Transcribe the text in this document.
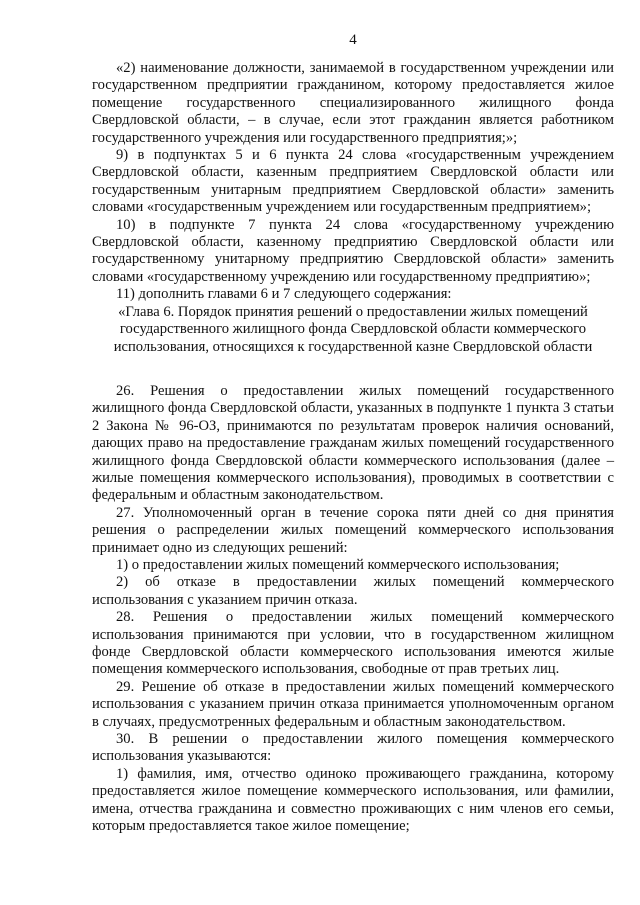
4

«2) наименование должности, занимаемой в государственном учреждении или государственном предприятии гражданином, которому предоставляется жилое помещение государственного специализированного жилищного фонда Свердловской области, – в случае, если этот гражданин является работником государственного учреждения или государственного предприятия;»;

9) в подпунктах 5 и 6 пункта 24 слова «государственным учреждением Свердловской области, казенным предприятием Свердловской области или государственным унитарным предприятием Свердловской области» заменить словами «государственным учреждением или государственным предприятием»;

10) в подпункте 7 пункта 24 слова «государственному учреждению Свердловской области, казенному предприятию Свердловской области или государственному унитарному предприятию Свердловской области» заменить словами «государственному учреждению или государственному предприятию»;

11) дополнить главами 6 и 7 следующего содержания:

«Глава 6. Порядок принятия решений о предоставлении жилых помещений государственного жилищного фонда Свердловской области коммерческого использования, относящихся к государственной казне Свердловской области

26. Решения о предоставлении жилых помещений государственного жилищного фонда Свердловской области, указанных в подпункте 1 пункта 3 статьи 2 Закона № 96-ОЗ, принимаются по результатам проверок наличия оснований, дающих право на предоставление гражданам жилых помещений государственного жилищного фонда Свердловской области коммерческого использования (далее – жилые помещения коммерческого использования), проводимых в соответствии с федеральным и областным законодательством.

27. Уполномоченный орган в течение сорока пяти дней со дня принятия решения о распределении жилых помещений коммерческого использования принимает одно из следующих решений:

1) о предоставлении жилых помещений коммерческого использования;

2) об отказе в предоставлении жилых помещений коммерческого использования с указанием причин отказа.

28. Решения о предоставлении жилых помещений коммерческого использования принимаются при условии, что в государственном жилищном фонде Свердловской области коммерческого использования имеются жилые помещения коммерческого использования, свободные от прав третьих лиц.

29. Решение об отказе в предоставлении жилых помещений коммерческого использования с указанием причин отказа принимается уполномоченным органом в случаях, предусмотренных федеральным и областным законодательством.

30. В решении о предоставлении жилого помещения коммерческого использования указываются:

1) фамилия, имя, отчество одиноко проживающего гражданина, которому предоставляется жилое помещение коммерческого использования, или фамилии, имена, отчества гражданина и совместно проживающих с ним членов его семьи, которым предоставляется такое жилое помещение;
